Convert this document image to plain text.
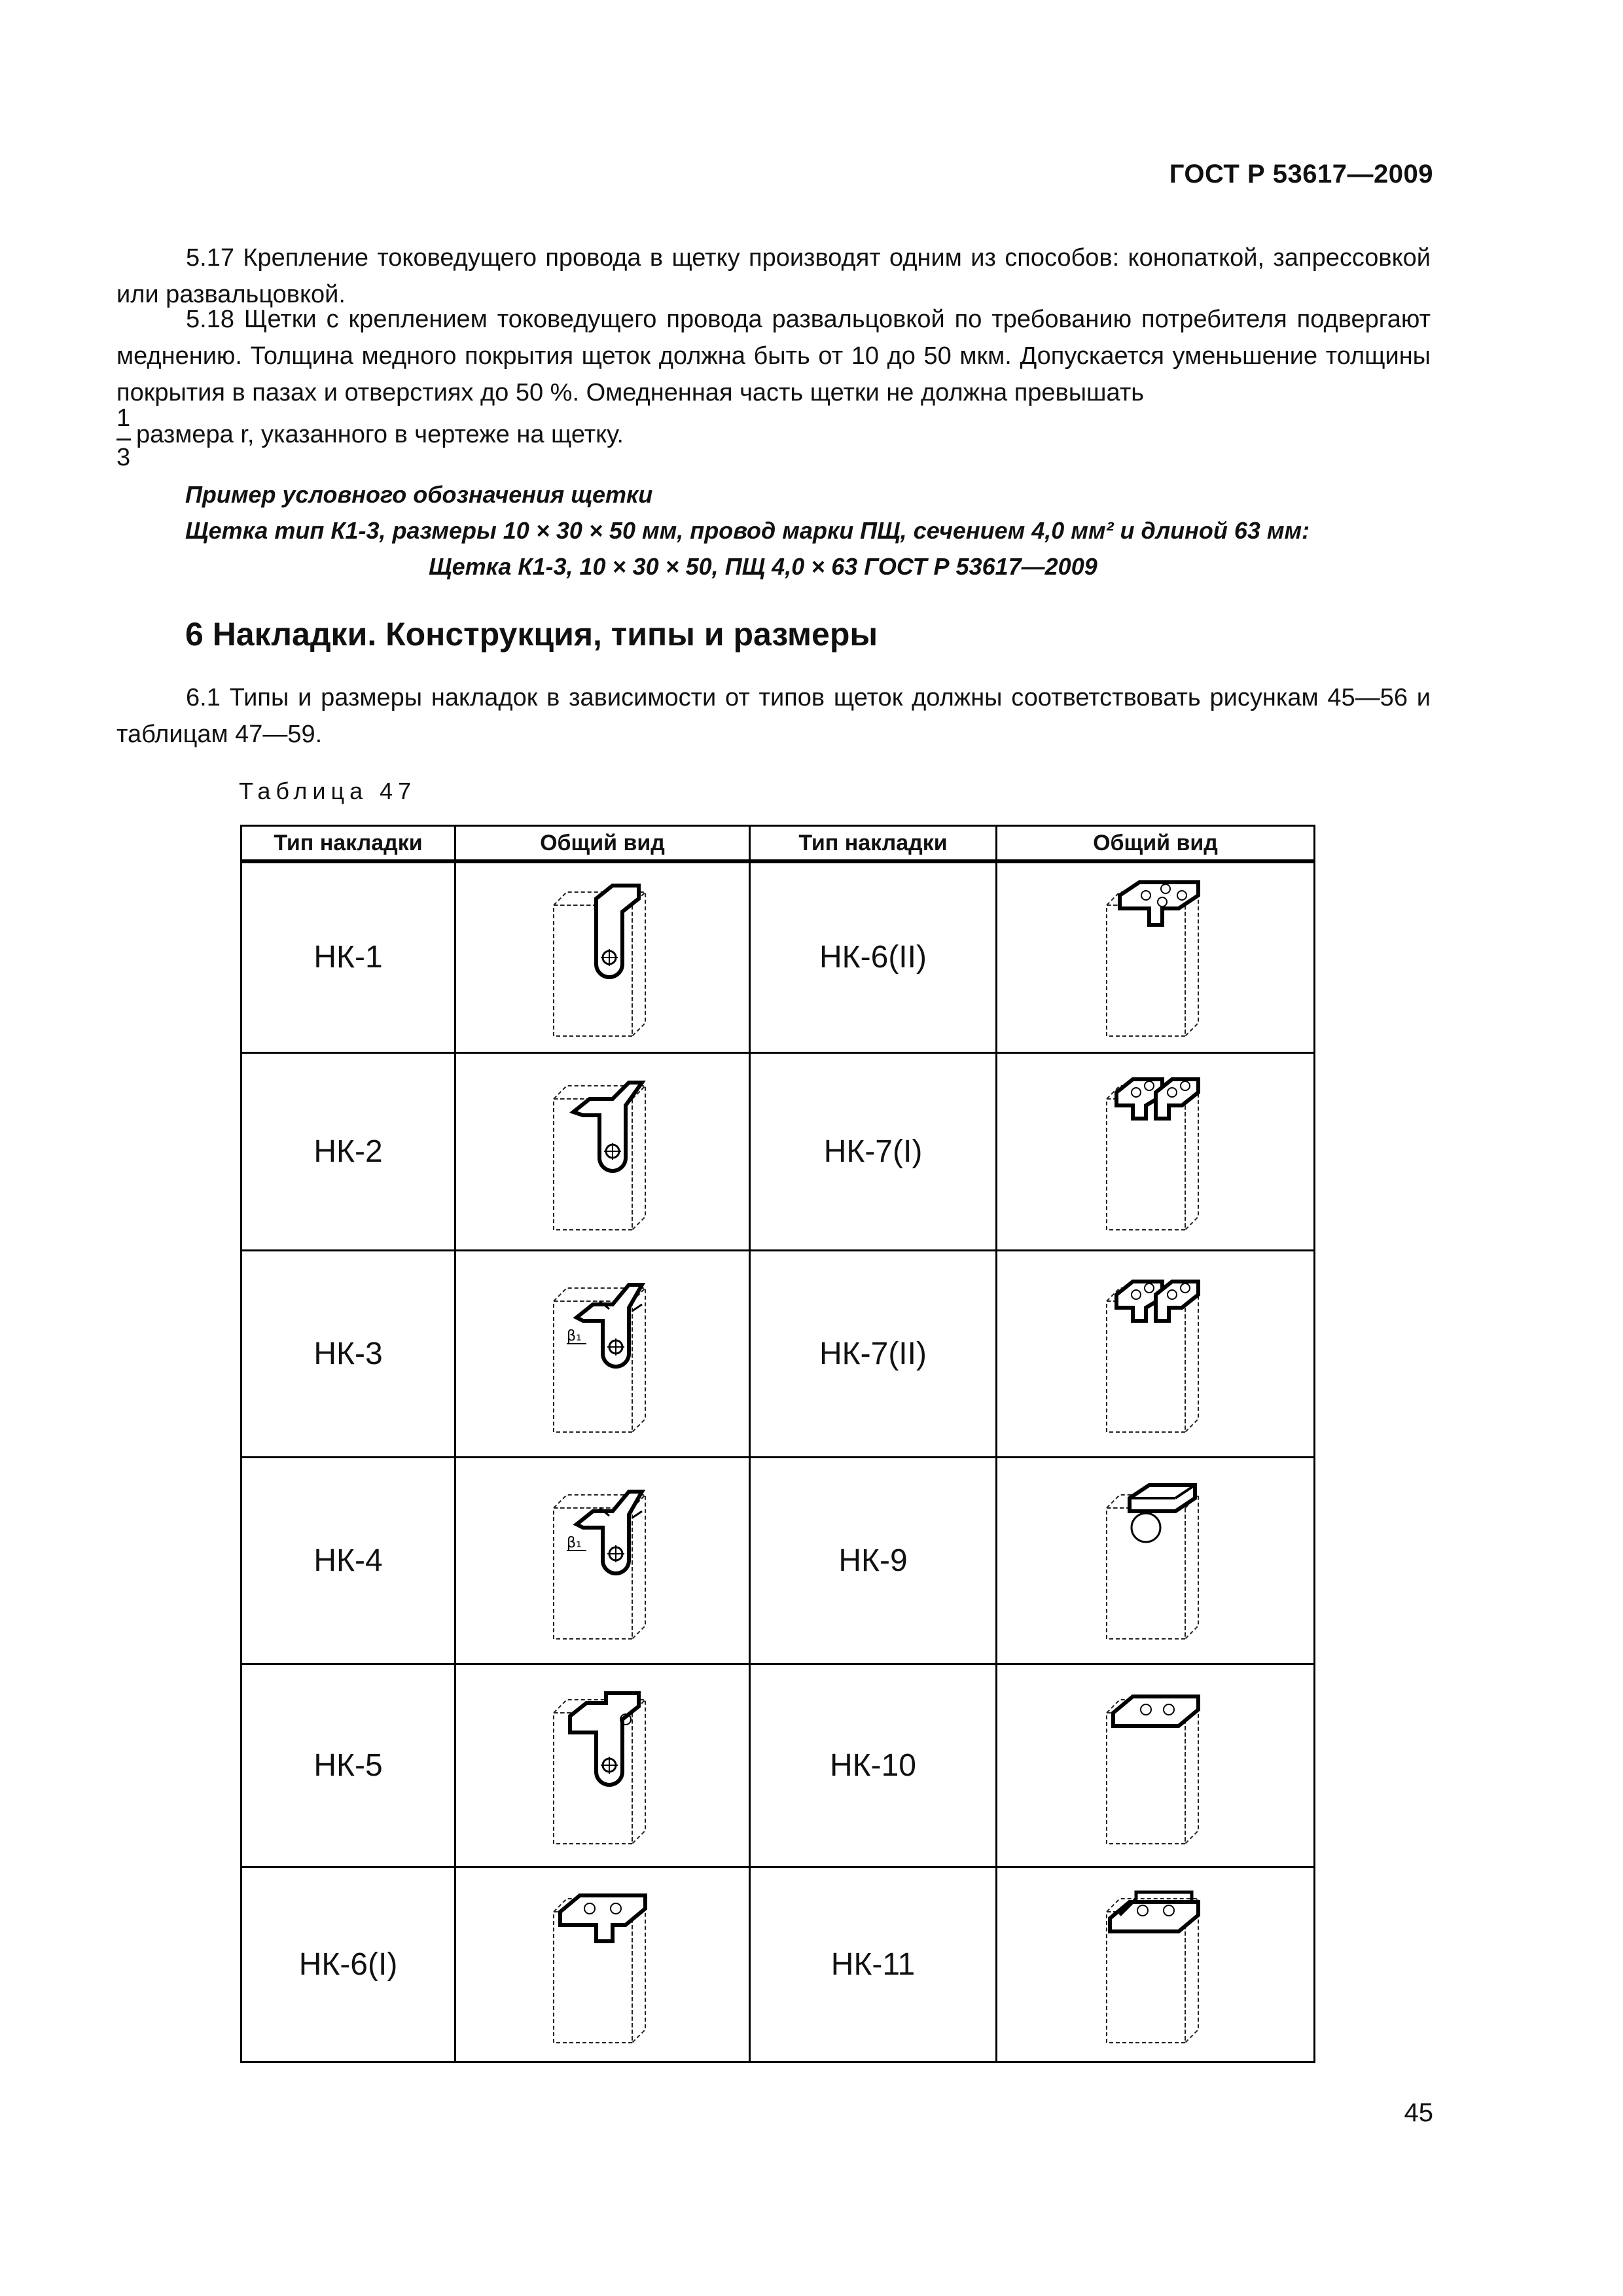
ГОСТ Р 53617—2009
5.17 Крепление токоведущего провода в щетку производят одним из способов: конопаткой, запрессовкой или развальцовкой.
5.18 Щетки с креплением токоведущего провода развальцовкой по требованию потребителя подвергают меднению. Толщина медного покрытия щеток должна быть от 10 до 50 мкм. Допускается уменьшение толщины покрытия в пазах и отверстиях до 50 %. Омедненная часть щетки не должна превышать
1
3
размера r, указанного в чертеже на щетку.
Пример условного обозначения щетки
Щетка тип К1-3, размеры 10 × 30 × 50 мм, провод марки ПЩ, сечением 4,0 мм² и длиной 63 мм:
Щетка К1-3, 10 × 30 × 50, ПЩ 4,0 × 63 ГОСТ Р 53617—2009
6 Накладки. Конструкция, типы и размеры
6.1 Типы и размеры накладок в зависимости от типов щеток должны соответствовать рисункам 45—56 и таблицам 47—59.
Таблица 47
Тип накладки	Общий вид	Тип накладки	Общий вид
НК-1		НК-6(II)	

НК-2		НК-7(I)	

НК-3	β₁	НК-7(II)	

НК-4	β₁	НК-9	

НК-5		НК-10	

НК-6(I)		НК-11	
45
